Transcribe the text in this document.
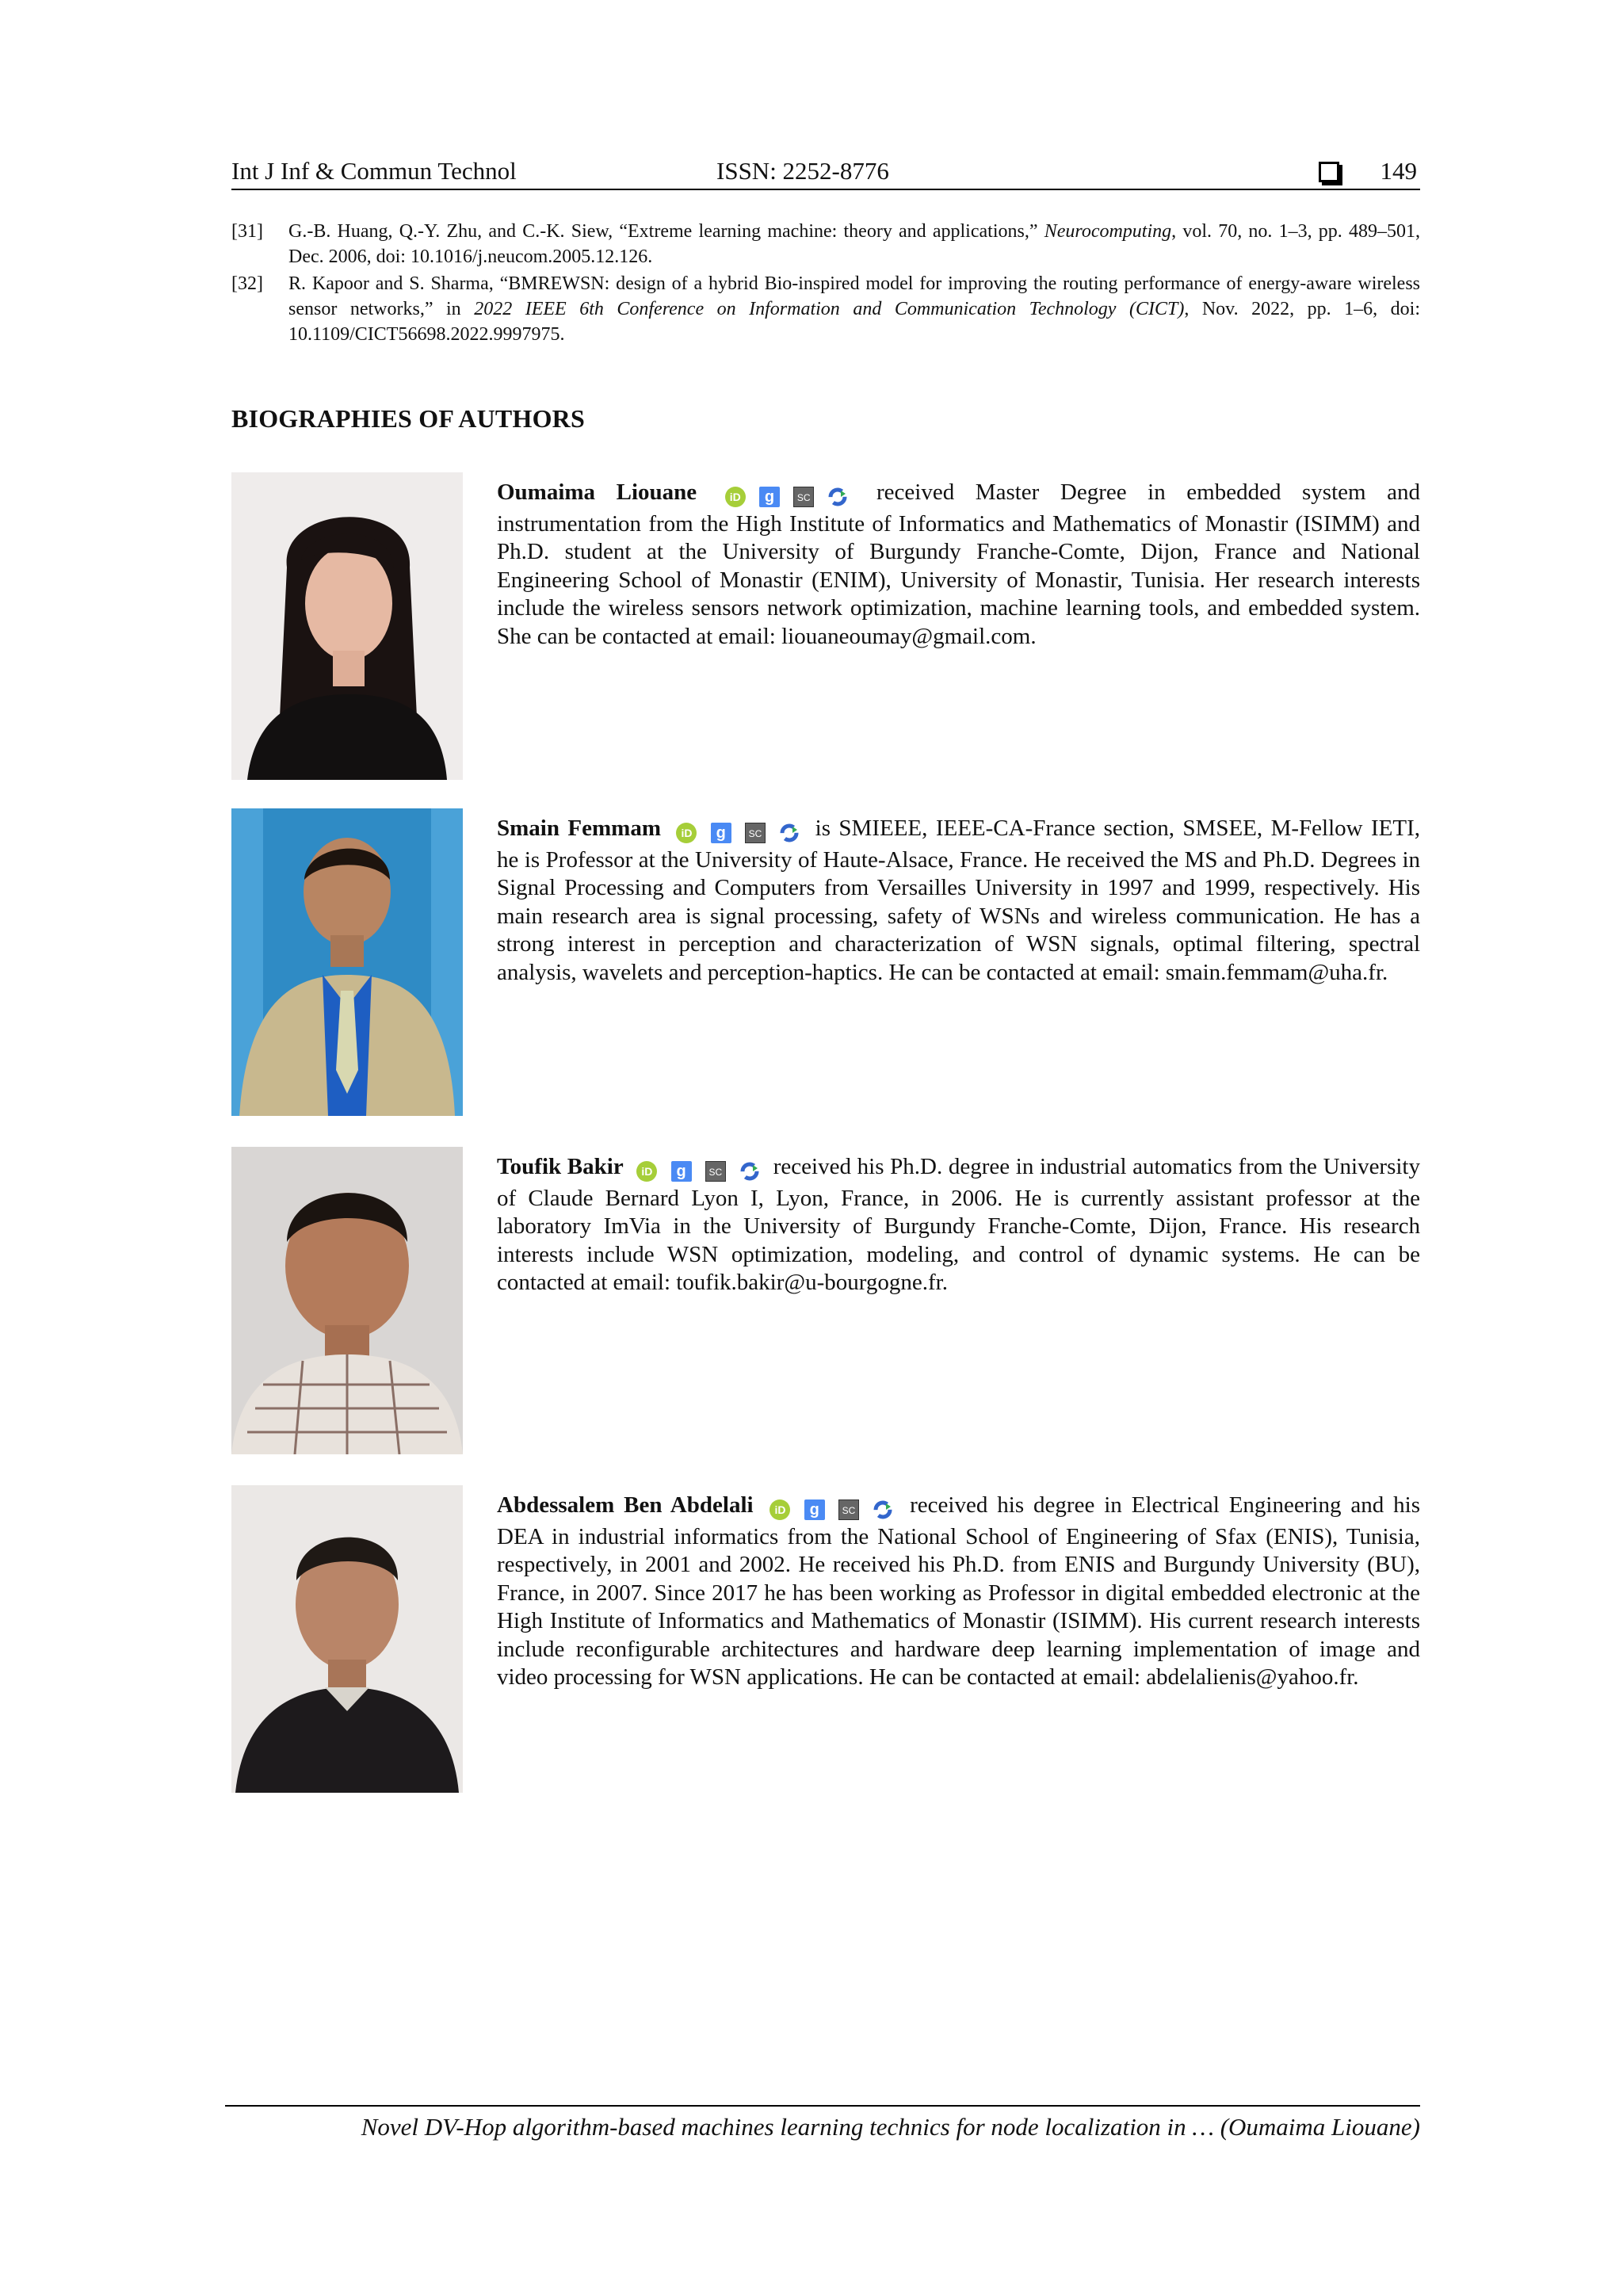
Int J Inf & Commun Technol	ISSN: 2252-8776	149
[31]	G.-B. Huang, Q.-Y. Zhu, and C.-K. Siew, “Extreme learning machine: theory and applications,” Neurocomputing, vol. 70, no. 1–3, pp. 489–501, Dec. 2006, doi: 10.1016/j.neucom.2005.12.126.
[32]	R. Kapoor and S. Sharma, “BMREWSN: design of a hybrid Bio-inspired model for improving the routing performance of energy-aware wireless sensor networks,” in 2022 IEEE 6th Conference on Information and Communication Technology (CICT), Nov. 2022, pp. 1–6, doi: 10.1109/CICT56698.2022.9997975.
BIOGRAPHIES OF AUTHORS
Oumaima Liouane	iD g SC  received Master Degree in embedded system and instrumentation from the High Institute of Informatics and Mathematics of Monastir (ISIMM) and Ph.D. student at the University of Burgundy Franche-Comte, Dijon, France and National Engineering School of Monastir (ENIM), University of Monastir, Tunisia. Her research interests include the wireless sensors network optimization, machine learning tools, and embedded system. She can be contacted at email: liouaneoumay@gmail.com.
Smain Femmam iD g SC  is SMIEEE, IEEE-CA-France section, SMSEE, M-Fellow IETI, he is Professor at the University of Haute-Alsace, France. He received the MS and Ph.D. Degrees in Signal Processing and Computers from Versailles University in 1997 and 1999, respectively. His main research area is signal processing, safety of WSNs and wireless communication. He has a strong interest in perception and characterization of WSN signals, optimal filtering, spectral analysis, wavelets and perception-haptics. He can be contacted at email: smain.femmam@uha.fr.
Toufik Bakir iD g SC  received his Ph.D. degree in industrial automatics from the University of Claude Bernard Lyon I, Lyon, France, in 2006. He is currently assistant professor at the laboratory ImVia in the University of Burgundy Franche-Comte, Dijon, France. His research interests include WSN optimization, modeling, and control of dynamic systems. He can be contacted at email: toufik.bakir@u-bourgogne.fr.
Abdessalem Ben Abdelali iD g SC  received his degree in Electrical Engineering and his DEA in industrial informatics from the National School of Engineering of Sfax (ENIS), Tunisia, respectively, in 2001 and 2002. He received his Ph.D. from ENIS and Burgundy University (BU), France, in 2007. Since 2017 he has been working as Professor in digital embedded electronic at the High Institute of Informatics and Mathematics of Monastir (ISIMM). His current research interests include reconfigurable architectures and hardware deep learning implementation of image and video processing for WSN applications. He can be contacted at email: abdelalienis@yahoo.fr.
Novel DV-Hop algorithm-based machines learning technics for node localization in … (Oumaima Liouane)
